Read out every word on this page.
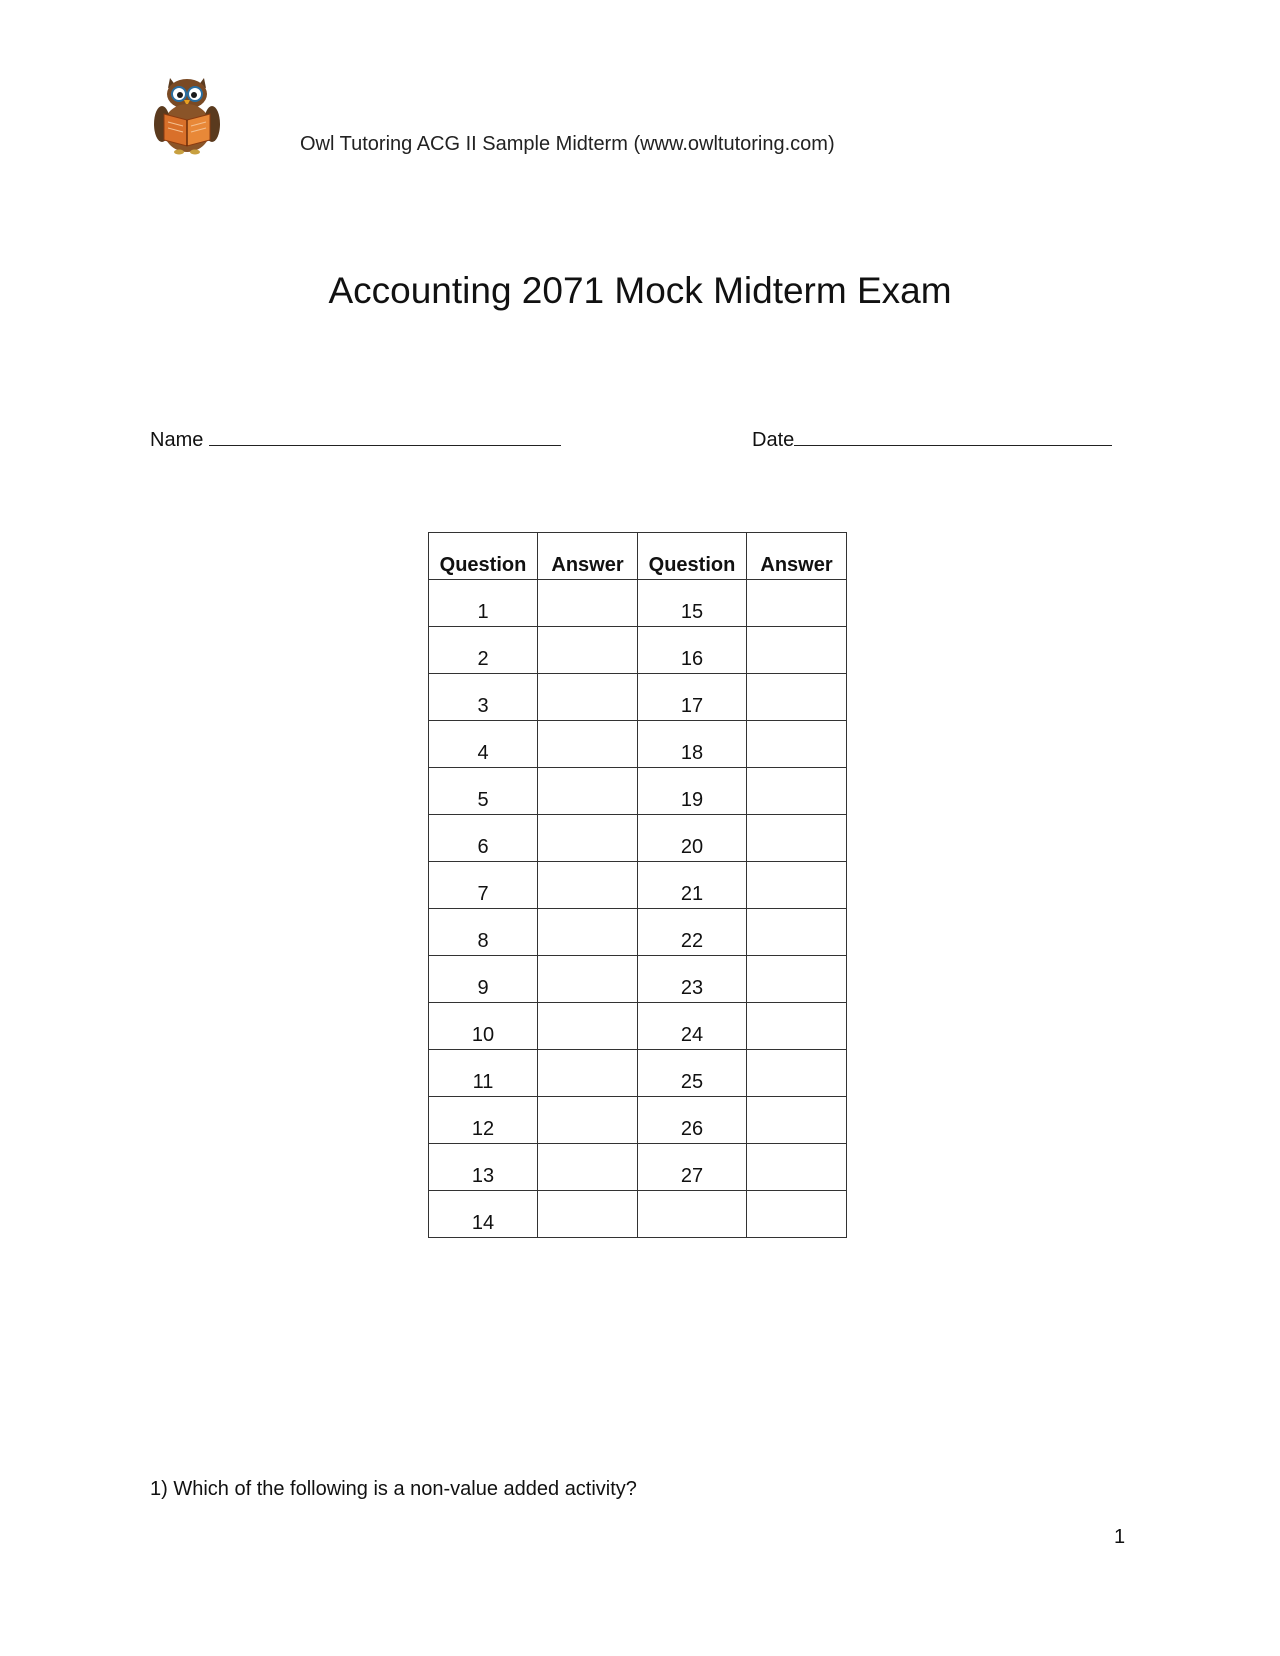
Owl Tutoring ACG II Sample Midterm (www.owltutoring.com)
Accounting 2071 Mock Midterm Exam
Name	Date
Question	Answer	Question	Answer
1		15	
2		16	
3		17	
4		18	
5		19	
6		20	
7		21	
8		22	
9		23	
10		24	
11		25	
12		26	
13		27	
14			
1) Which of the following is a non-value added activity?
1
